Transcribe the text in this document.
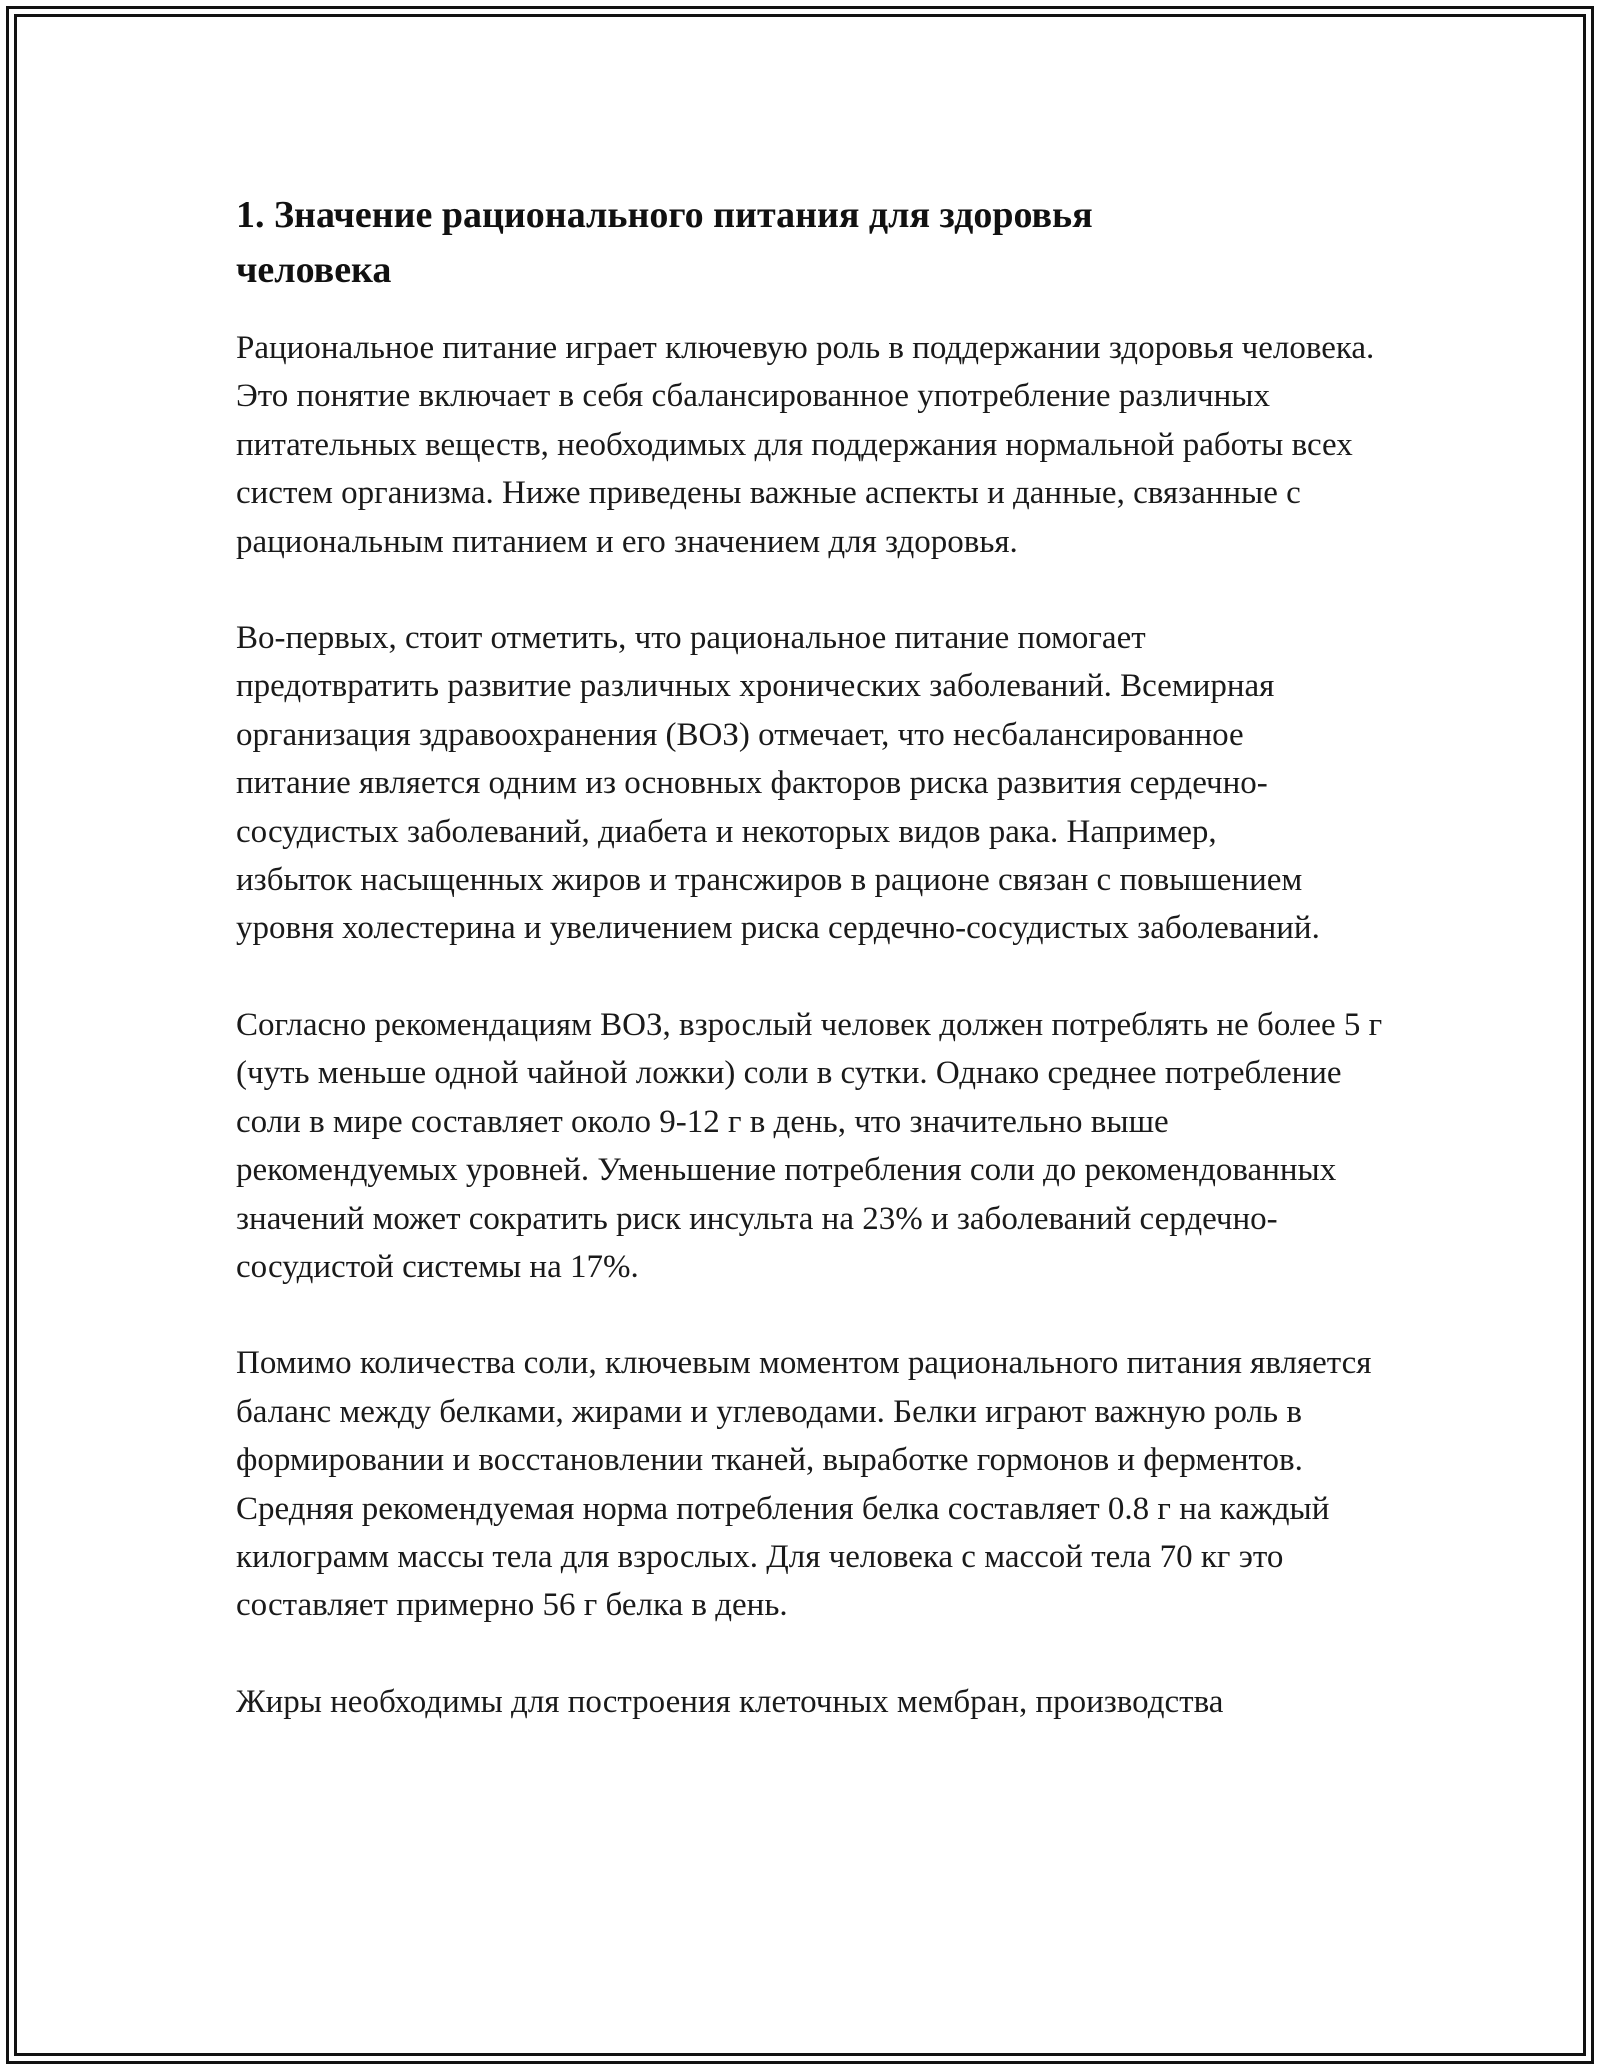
1. Значение рационального питания для здоровья человека

Рациональное питание играет ключевую роль в поддержании здоровья человека. Это понятие включает в себя сбалансированное употребление различных питательных веществ, необходимых для поддержания нормальной работы всех систем организма. Ниже приведены важные аспекты и данные, связанные с рациональным питанием и его значением для здоровья.

Во-первых, стоит отметить, что рациональное питание помогает предотвратить развитие различных хронических заболеваний. Всемирная организация здравоохранения (ВОЗ) отмечает, что несбалансированное питание является одним из основных факторов риска развития сердечно-сосудистых заболеваний, диабета и некоторых видов рака. Например, избыток насыщенных жиров и трансжиров в рационе связан с повышением уровня холестерина и увеличением риска сердечно-сосудистых заболеваний.

Согласно рекомендациям ВОЗ, взрослый человек должен потреблять не более 5 г (чуть меньше одной чайной ложки) соли в сутки. Однако среднее потребление соли в мире составляет около 9-12 г в день, что значительно выше рекомендуемых уровней. Уменьшение потребления соли до рекомендованных значений может сократить риск инсульта на 23% и заболеваний сердечно-сосудистой системы на 17%.

Помимо количества соли, ключевым моментом рационального питания является баланс между белками, жирами и углеводами. Белки играют важную роль в формировании и восстановлении тканей, выработке гормонов и ферментов. Средняя рекомендуемая норма потребления белка составляет 0.8 г на каждый килограмм массы тела для взрослых. Для человека с массой тела 70 кг это составляет примерно 56 г белка в день.

Жиры необходимы для построения клеточных мембран, производства
